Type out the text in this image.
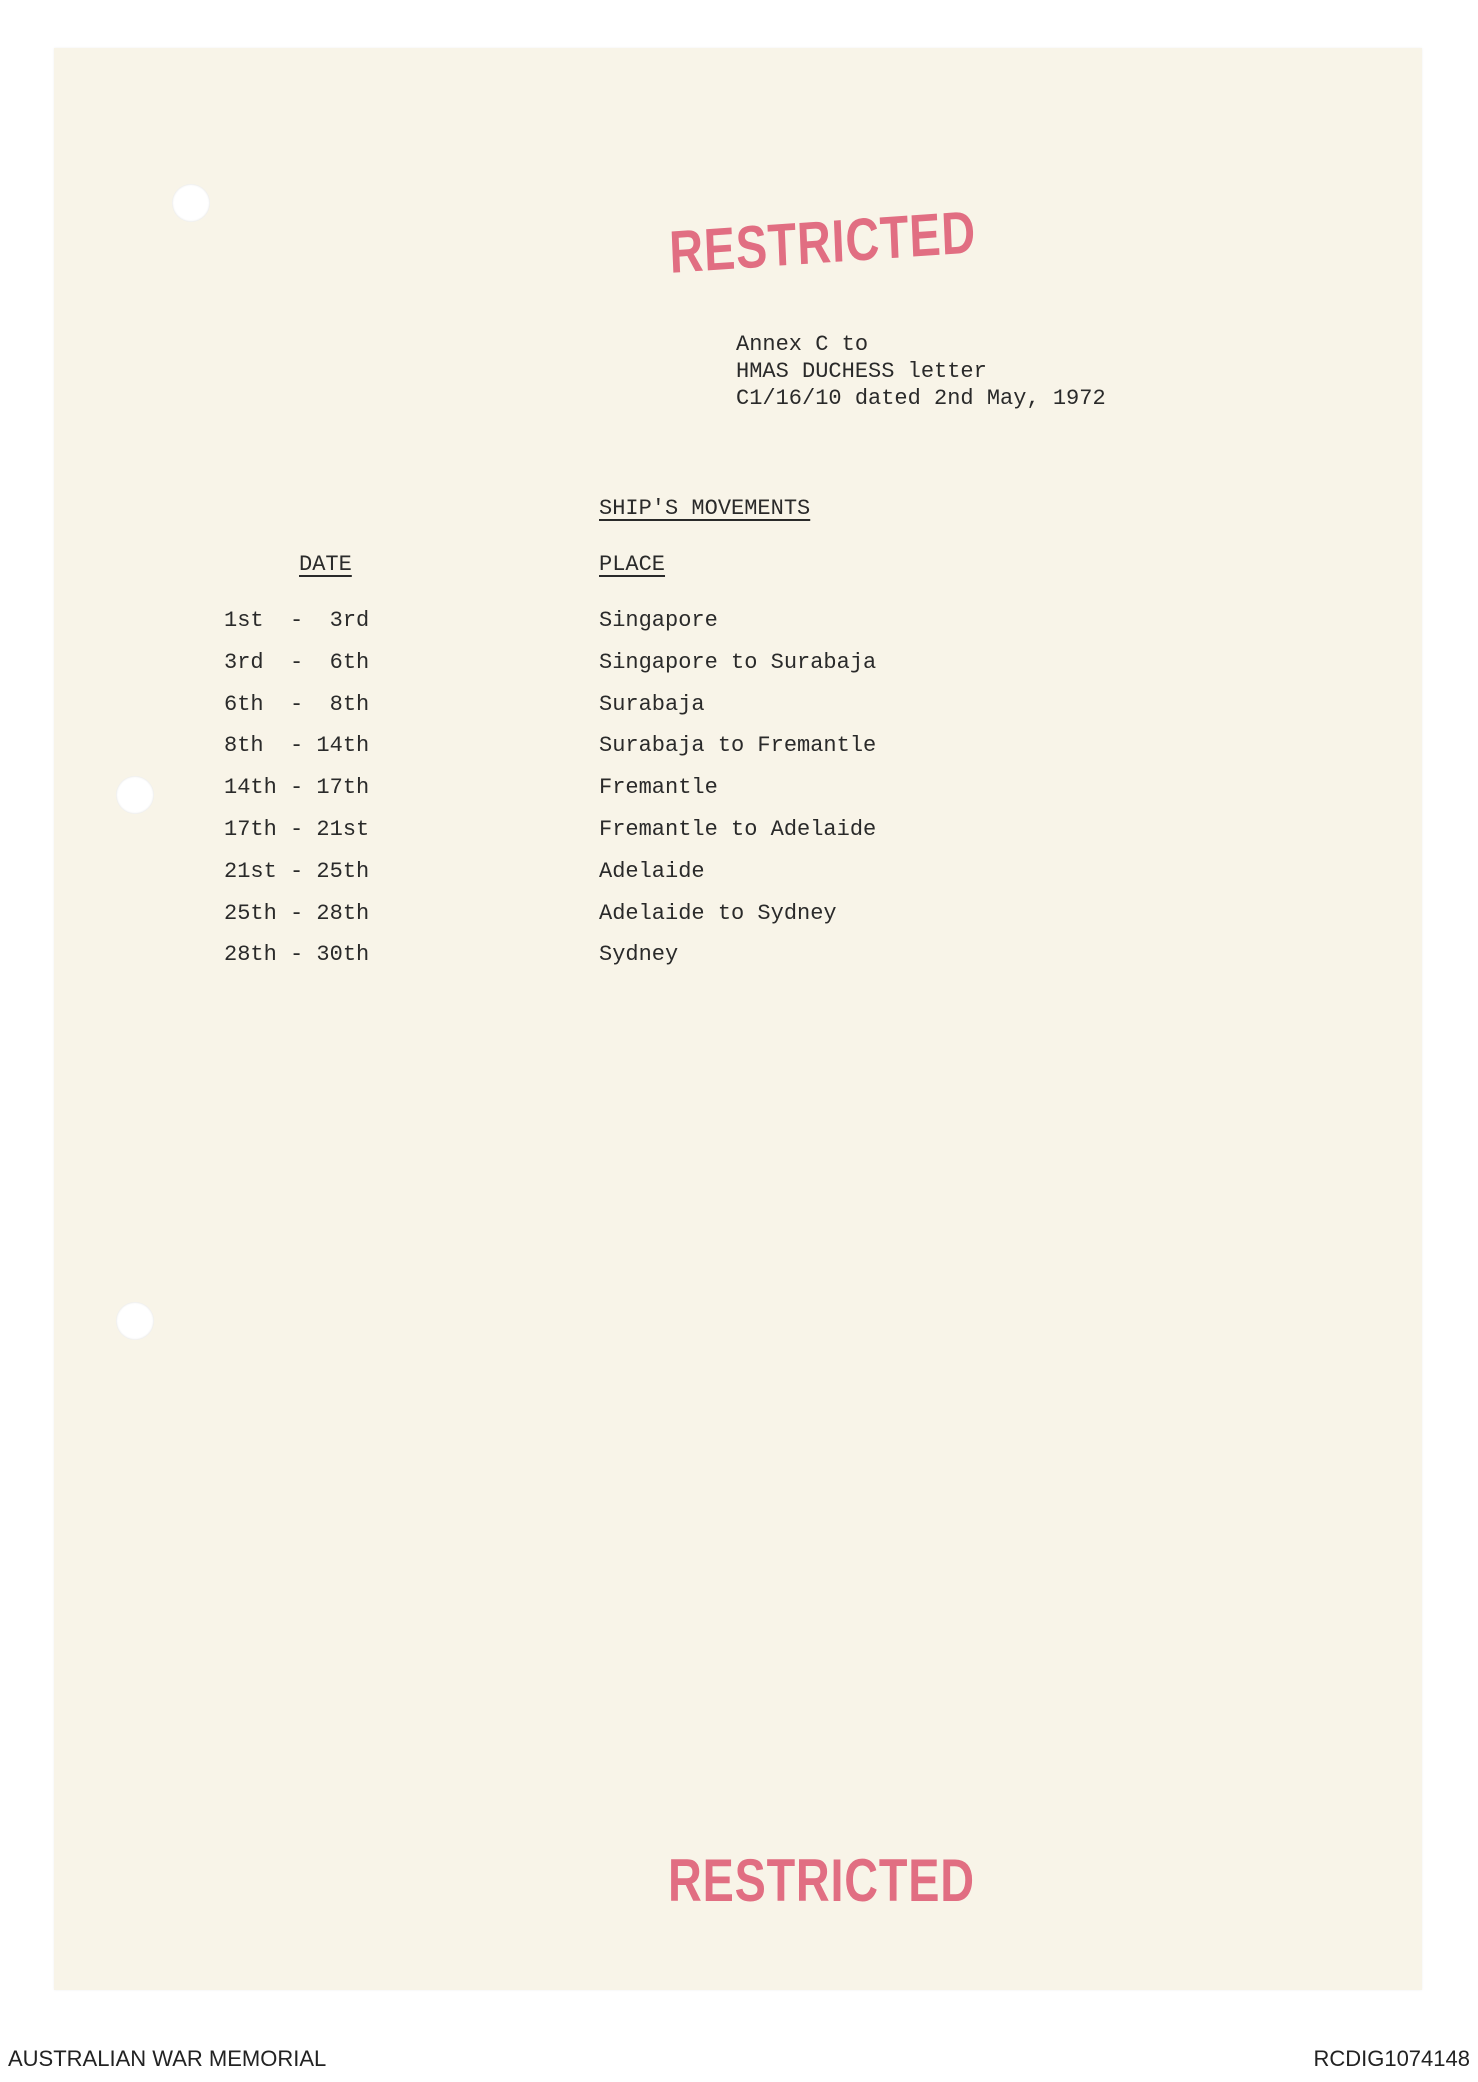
RESTRICTED
Annex C to
HMAS DUCHESS letter
C1/16/10 dated 2nd May, 1972
SHIP'S MOVEMENTS
DATE	PLACE
1st  -  3rd	Singapore
3rd  -  6th	Singapore to Surabaja
6th  -  8th	Surabaja
8th  - 14th	Surabaja to Fremantle
14th - 17th	Fremantle
17th - 21st	Fremantle to Adelaide
21st - 25th	Adelaide
25th - 28th	Adelaide to Sydney
28th - 30th	Sydney
RESTRICTED
AUSTRALIAN WAR MEMORIAL	RCDIG1074148
